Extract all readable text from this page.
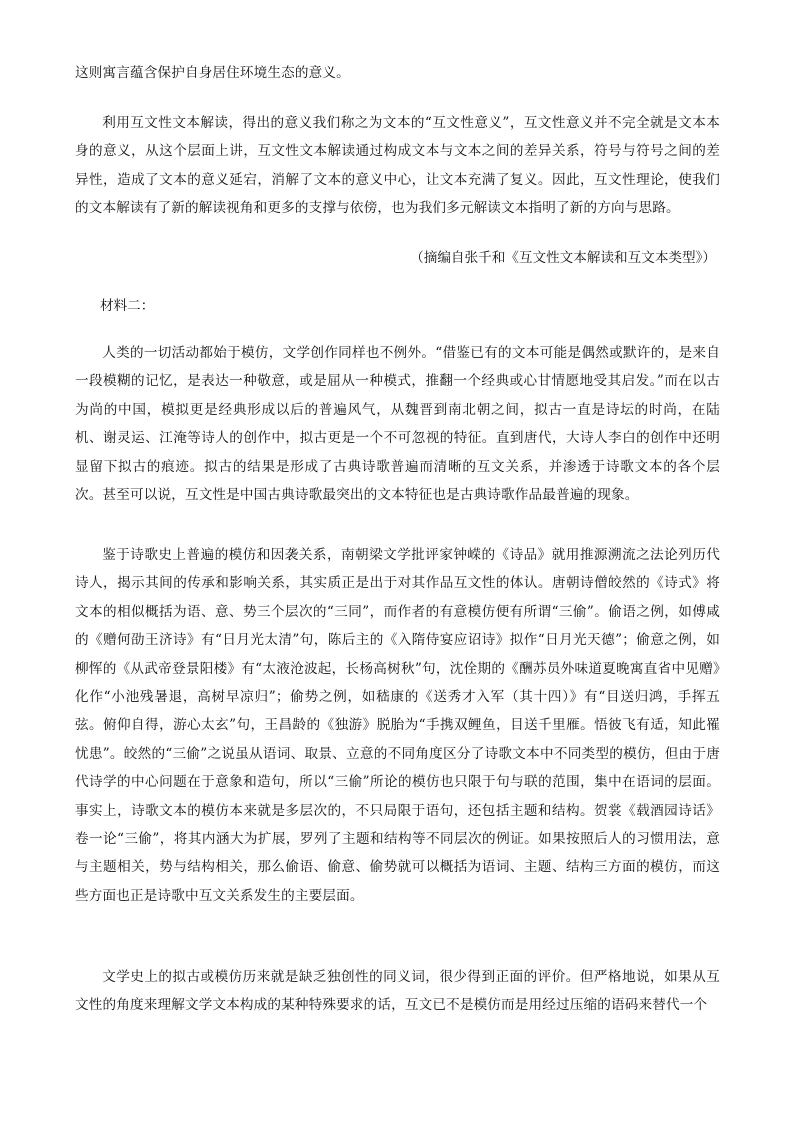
这则寓言蕴含保护自身居住环境生态的意义。

利用互文性文本解读，得出的意义我们称之为文本的“互文性意义”，互文性意义并不完全就是文本本身的意义，从这个层面上讲，互文性文本解读通过构成文本与文本之间的差异关系，符号与符号之间的差异性，造成了文本的意义延宕，消解了文本的意义中心，让文本充满了复义。因此，互文性理论，使我们的文本解读有了新的解读视角和更多的支撑与依傍，也为我们多元解读文本指明了新的方向与思路。

（摘编自张千和《互文性文本解读和互文本类型》）

材料二：

人类的一切活动都始于模仿，文学创作同样也不例外。“借鉴已有的文本可能是偶然或默许的，是来自一段模糊的记忆，是表达一种敬意，或是屈从一种模式，推翻一个经典或心甘情愿地受其启发。”而在以古为尚的中国，模拟更是经典形成以后的普遍风气，从魏晋到南北朝之间，拟古一直是诗坛的时尚，在陆机、谢灵运、江淹等诗人的创作中，拟古更是一个不可忽视的特征。直到唐代，大诗人李白的创作中还明显留下拟古的痕迹。拟古的结果是形成了古典诗歌普遍而清晰的互文关系，并渗透于诗歌文本的各个层次。甚至可以说，互文性是中国古典诗歌最突出的文本特征也是古典诗歌作品最普遍的现象。

鉴于诗歌史上普遍的模仿和因袭关系，南朝梁文学批评家钟嵘的《诗品》就用推源溯流之法论列历代诗人，揭示其间的传承和影响关系，其实质正是出于对其作品互文性的体认。唐朝诗僧皎然的《诗式》将文本的相似概括为语、意、势三个层次的“三同”，而作者的有意模仿便有所谓“三偷”。偷语之例，如傅咸的《赠何劭王济诗》有“日月光太清”句，陈后主的《入隋侍宴应诏诗》拟作“日月光天德”；偷意之例，如柳恽的《从武帝登景阳楼》有“太液沧波起，长杨高树秋”句，沈佺期的《酬苏员外味道夏晚寓直省中见赠》化作“小池残暑退，高树早凉归”；偷势之例，如嵇康的《送秀才入军（其十四）》有“目送归鸿，手挥五弦。俯仰自得，游心太玄”句，王昌龄的《独游》脱胎为“手携双鲤鱼，目送千里雁。悟彼飞有适，知此罹忧患”。皎然的“三偷”之说虽从语词、取景、立意的不同角度区分了诗歌文本中不同类型的模仿，但由于唐代诗学的中心问题在于意象和造句，所以“三偷”所论的模仿也只限于句与联的范围，集中在语词的层面。事实上，诗歌文本的模仿本来就是多层次的，不只局限于语句，还包括主题和结构。贺裳《载酒园诗话》卷一论“三偷”，将其内涵大为扩展，罗列了主题和结构等不同层次的例证。如果按照后人的习惯用法，意与主题相关，势与结构相关，那么偷语、偷意、偷势就可以概括为语词、主题、结构三方面的模仿，而这些方面也正是诗歌中互文关系发生的主要层面。

文学史上的拟古或模仿历来就是缺乏独创性的同义词，很少得到正面的评价。但严格地说，如果从互文性的角度来理解文学文本构成的某种特殊要求的话，互文已不是模仿而是用经过压缩的语码来替代一个
